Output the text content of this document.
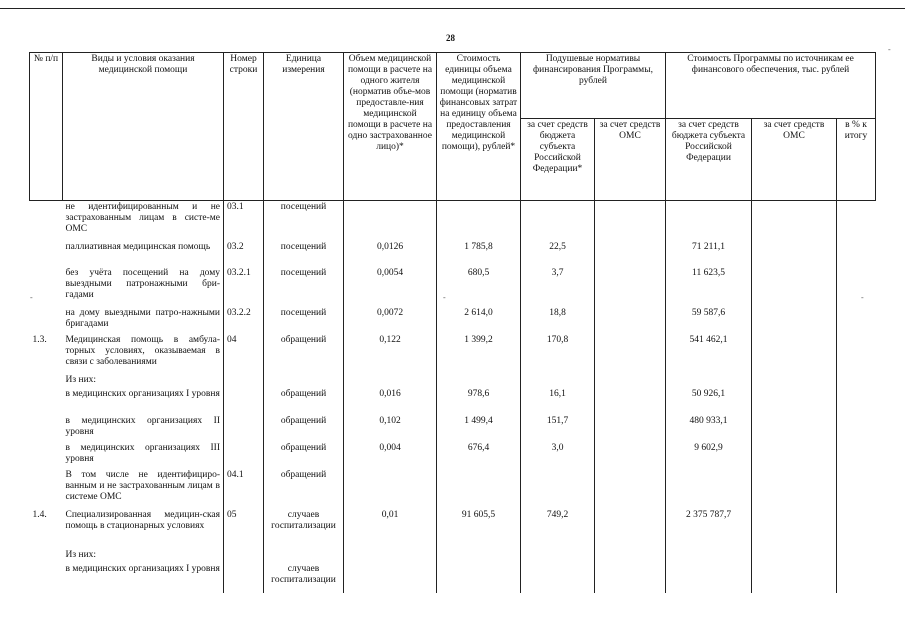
28
№ п/п	Виды и условия оказания медицинской помощи	Номер строки	Единица измерения	Объем медицинской помощи в расчете на одного жителя (норматив объе-мов предоставле-ния медицинской помощи в расчете на одно застрахованное лицо)*	Стоимость единицы объема медицинской помощи (норматив финансовых затрат на единицу объема предоставления медицинской помощи), рублей*	Подушевые нормативы финансирования Программы, рублей		Стоимость Программы по источникам ее финансового обеспечения, тыс. рублей		
						за счет средств бюджета субъекта Российской Федерации*	за счет средств ОМС	за счет средств бюджета субъекта Российской Федерации	за счет средств ОМС	в % к итогу
	не идентифицированным и не застрахованным лицам в систе-ме ОМС	03.1	посещений							
	паллиативная медицинская помощь	03.2	посещений	0,0126	1 785,8	22,5		71 211,1		
	без учёта посещений на дому выездными патронажными бри-гадами	03.2.1	посещений	0,0054	680,5	3,7		11 623,5		
	на дому выездными патро-нажными бригадами	03.2.2	посещений	0,0072	2 614,0	18,8		59 587,6		
1.3.	Медицинская помощь в амбула-торных условиях, оказываемая в связи с заболеваниями	04	обращений	0,122	1 399,2	170,8		541 462,1		
	Из них:									
	в медицинских организациях I уровня		обращений	0,016	978,6	16,1		50 926,1		
	в медицинских организациях II уровня		обращений	0,102	1 499,4	151,7		480 933,1		
	в медицинских организациях III уровня		обращений	0,004	676,4	3,0		9 602,9		
	В том числе не идентифициро-ванным и не застрахованным лицам в системе ОМС	04.1	обращений							
1.4.	Специализированная медицин-ская помощь в стационарных условиях	05	случаев госпитализации	0,01	91 605,5	749,2		2 375 787,7		
	Из них:									
	в медицинских организациях I уровня		случаев госпитализации							
-	-	-
-
